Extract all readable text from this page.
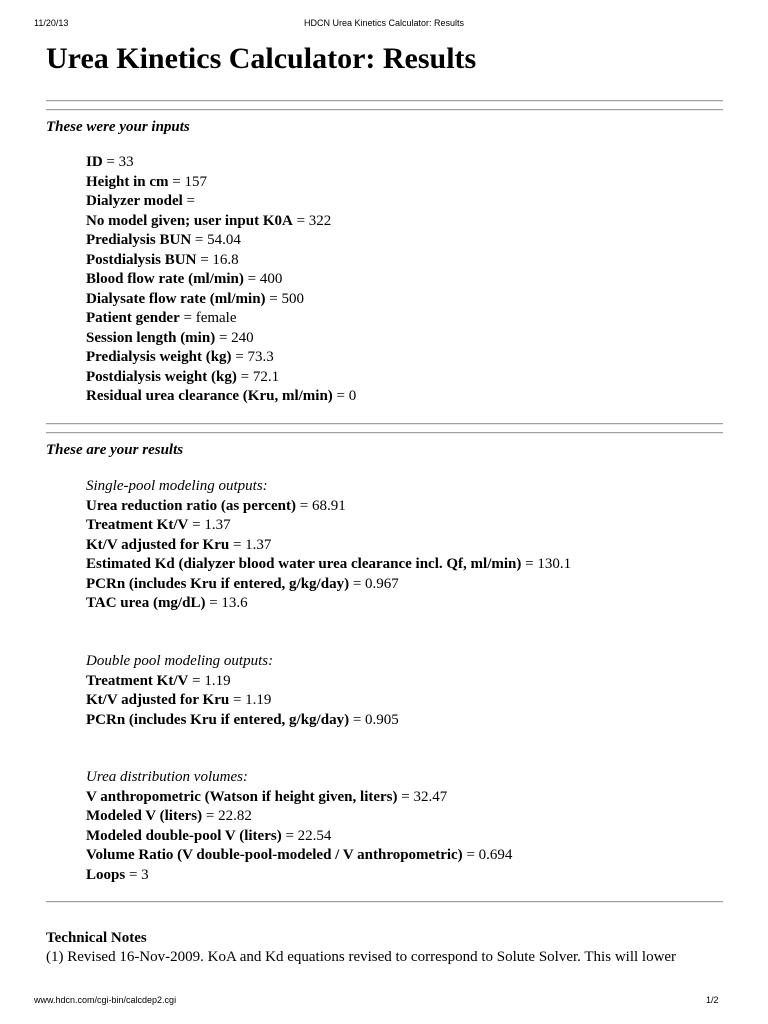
11/20/13	HDCN Urea Kinetics Calculator: Results
Urea Kinetics Calculator: Results
These were your inputs
ID = 33
Height in cm = 157
Dialyzer model =
No model given; user input K0A = 322
Predialysis BUN = 54.04
Postdialysis BUN = 16.8
Blood flow rate (ml/min) = 400
Dialysate flow rate (ml/min) = 500
Patient gender = female
Session length (min) = 240
Predialysis weight (kg) = 73.3
Postdialysis weight (kg) = 72.1
Residual urea clearance (Kru, ml/min) = 0
These are your results
Single-pool modeling outputs:
Urea reduction ratio (as percent) = 68.91
Treatment Kt/V = 1.37
Kt/V adjusted for Kru = 1.37
Estimated Kd (dialyzer blood water urea clearance incl. Qf, ml/min) = 130.1
PCRn (includes Kru if entered, g/kg/day) = 0.967
TAC urea (mg/dL) = 13.6
Double pool modeling outputs:
Treatment Kt/V = 1.19
Kt/V adjusted for Kru = 1.19
PCRn (includes Kru if entered, g/kg/day) = 0.905
Urea distribution volumes:
V anthropometric (Watson if height given, liters) = 32.47
Modeled V (liters) = 22.82
Modeled double-pool V (liters) = 22.54
Volume Ratio (V double-pool-modeled / V anthropometric) = 0.694
Loops = 3
Technical Notes
(1) Revised 16-Nov-2009. KoA and Kd equations revised to correspond to Solute Solver. This will lower
www.hdcn.com/cgi-bin/calcdep2.cgi	1/2
